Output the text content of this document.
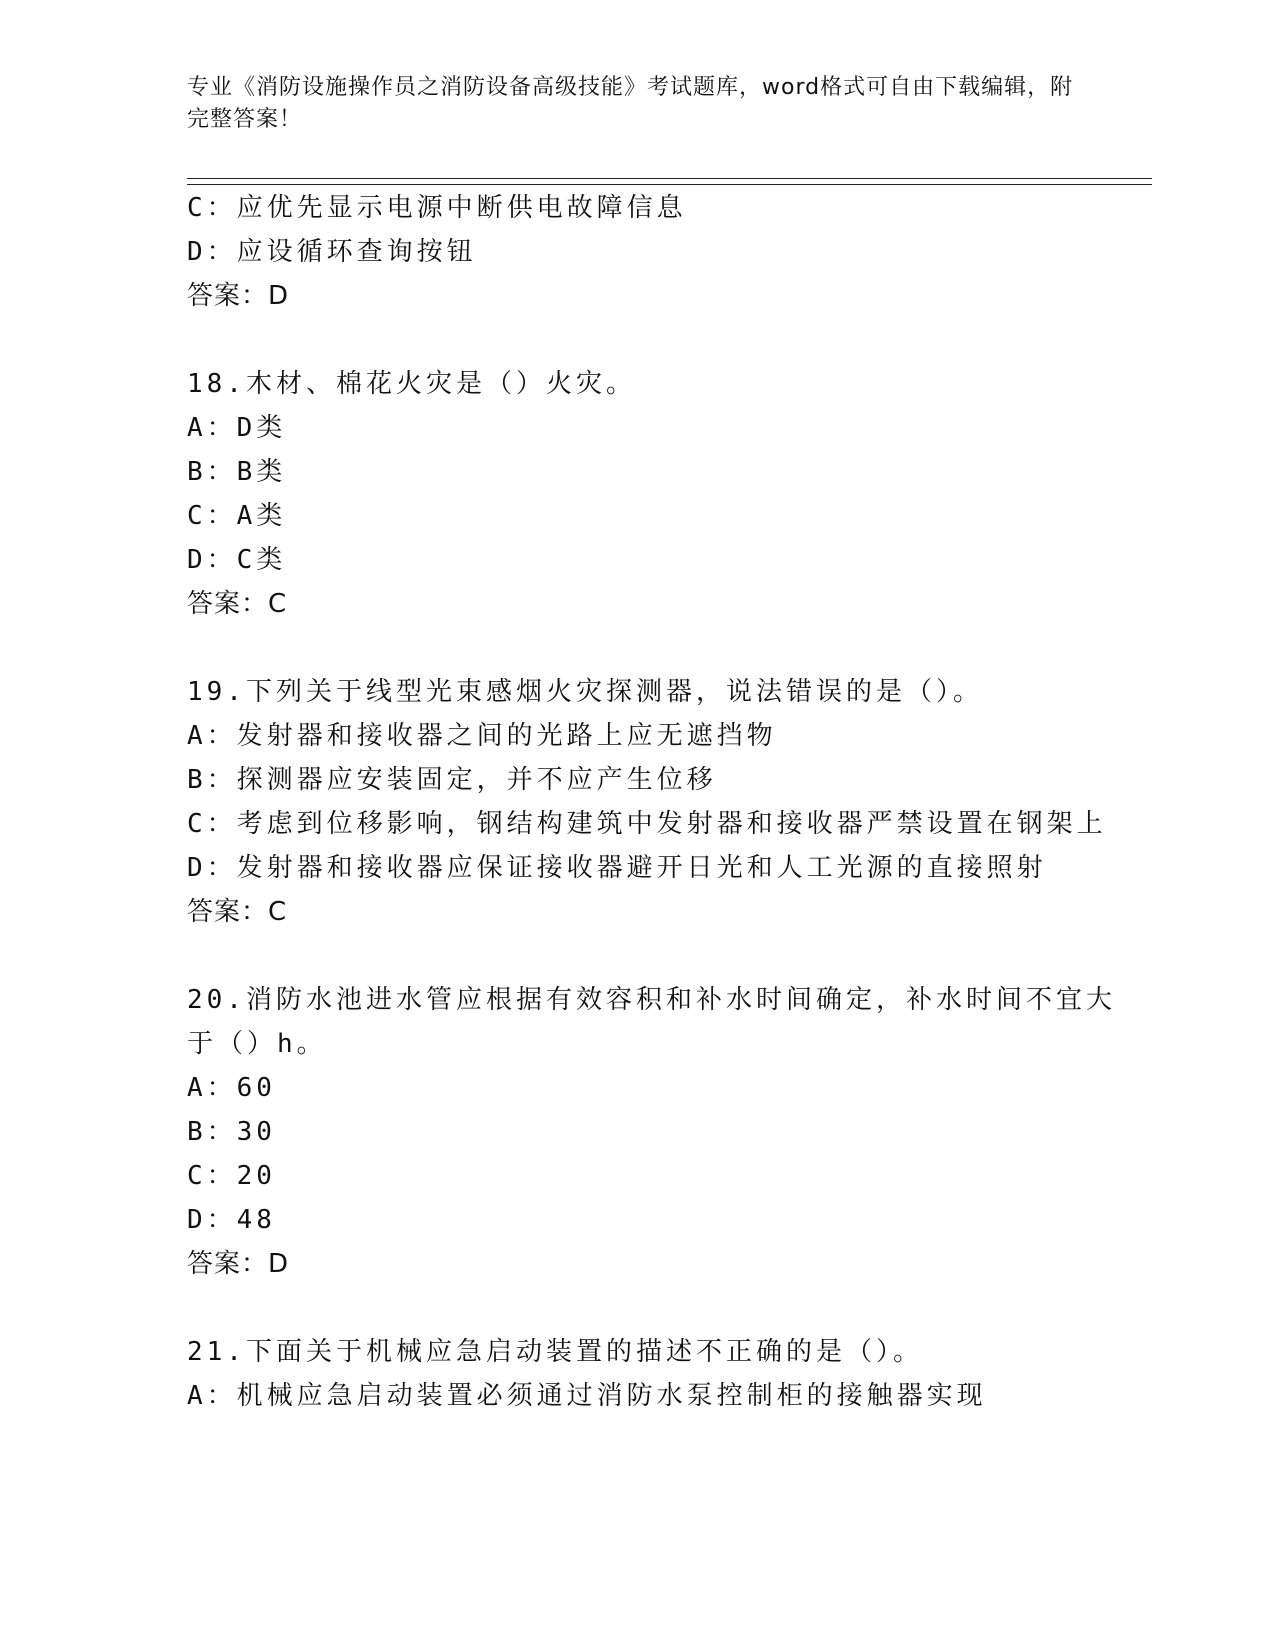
专业《消防设施操作员之消防设备高级技能》考试题库，word格式可自由下载编辑，附完整答案！
C：应优先显示电源中断供电故障信息
D：应设循环查询按钮
答案：D
18.木材、棉花火灾是（）火灾。
A：D类
B：B类
C：A类
D：C类
答案：C
19.下列关于线型光束感烟火灾探测器，说法错误的是（）。
A：发射器和接收器之间的光路上应无遮挡物
B：探测器应安装固定，并不应产生位移
C：考虑到位移影响，钢结构建筑中发射器和接收器严禁设置在钢架上
D：发射器和接收器应保证接收器避开日光和人工光源的直接照射
答案：C
20.消防水池进水管应根据有效容积和补水时间确定，补水时间不宜大
于（）h。
A：60
B：30
C：20
D：48
答案：D
21.下面关于机械应急启动装置的描述不正确的是（）。
A：机械应急启动装置必须通过消防水泵控制柜的接触器实现
